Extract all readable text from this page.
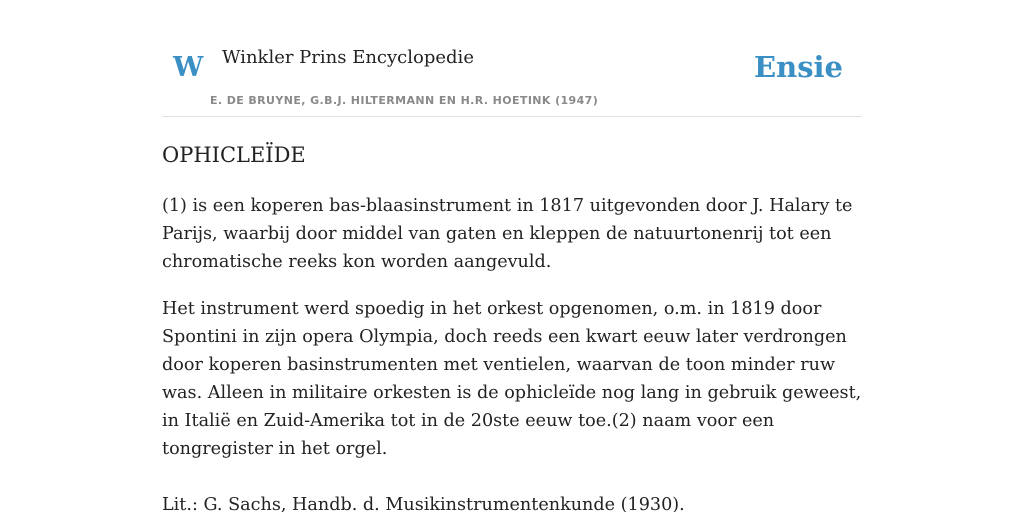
W Winkler Prins Encyclopedie
E. DE BRUYNE, G.B.J. HILTERMANN EN H.R. HOETINK (1947)
Ensie
OPHICLEÏDE

(1) is een koperen bas-blaasinstrument in 1817 uitgevonden door J. Halary te Parijs, waarbij door middel van gaten en kleppen de natuurtonenrij tot een chromatische reeks kon worden aangevuld.

Het instrument werd spoedig in het orkest opgenomen, o.m. in 1819 door Spontini in zijn opera Olympia, doch reeds een kwart eeuw later verdrongen door koperen basinstrumenten met ventielen, waarvan de toon minder ruw was. Alleen in militaire orkesten is de ophicleïde nog lang in gebruik geweest, in Italië en Zuid-Amerika tot in de 20ste eeuw toe.(2) naam voor een tongregister in het orgel.

Lit.: G. Sachs, Handb. d. Musikinstrumentenkunde (1930).
